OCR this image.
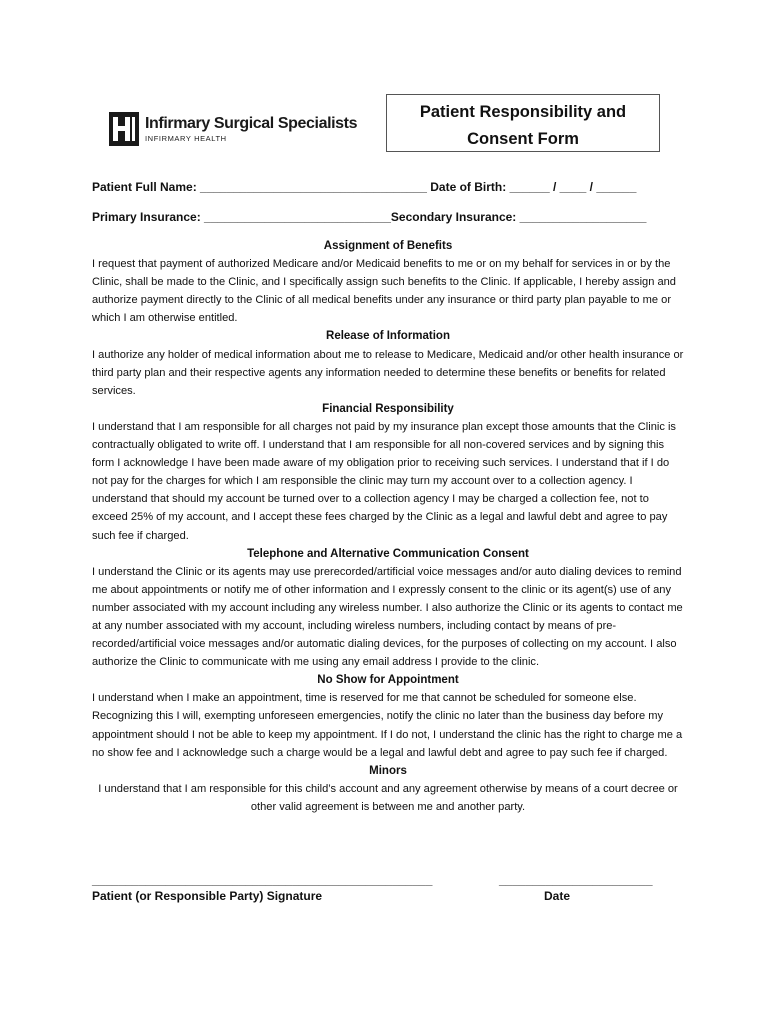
Infirmary Surgical Specialists
INFIRMARY HEALTH
Patient Responsibility and
Consent Form
Patient Full Name: __________________________________ Date of Birth: ______ / ____ / ______
Primary Insurance: ____________________________Secondary Insurance: ___________________
Assignment of Benefits

I request that payment of authorized Medicare and/or Medicaid benefits to me or on my behalf for services in or by the Clinic, shall be made to the Clinic, and I specifically assign such benefits to the Clinic. If applicable, I hereby assign and authorize payment directly to the Clinic of all medical benefits under any insurance or third party plan payable to me or which I am otherwise entitled.

Release of Information

I authorize any holder of medical information about me to release to Medicare, Medicaid and/or other health insurance or third party plan and their respective agents any information needed to determine these benefits or benefits for related services.

Financial Responsibility

I understand that I am responsible for all charges not paid by my insurance plan except those amounts that the Clinic is contractually obligated to write off. I understand that I am responsible for all non-covered services and by signing this form I acknowledge I have been made aware of my obligation prior to receiving such services. I understand that if I do not pay for the charges for which I am responsible the clinic may turn my account over to a collection agency. I understand that should my account be turned over to a collection agency I may be charged a collection fee, not to exceed 25% of my account, and I accept these fees charged by the Clinic as a legal and lawful debt and agree to pay such fee if charged.

Telephone and Alternative Communication Consent

I understand the Clinic or its agents may use prerecorded/artificial voice messages and/or auto dialing devices to remind me about appointments or notify me of other information and I expressly consent to the clinic or its agent(s) use of any number associated with my account including any wireless number. I also authorize the Clinic or its agents to contact me at any number associated with my account, including wireless numbers, including contact by means of pre-recorded/artificial voice messages and/or automatic dialing devices, for the purposes of collecting on my account. I also authorize the Clinic to communicate with me using any email address I provide to the clinic.

No Show for Appointment

I understand when I make an appointment, time is reserved for me that cannot be scheduled for someone else. Recognizing this I will, exempting unforeseen emergencies, notify the clinic no later than the business day before my appointment should I not be able to keep my appointment. If I do not, I understand the clinic has the right to charge me a no show fee and I acknowledge such a charge would be a legal and lawful debt and agree to pay such fee if charged.

Minors

I understand that I am responsible for this child’s account and any agreement otherwise by means of a court decree or other valid agreement is between me and another party.

___________________________________________________	_______________________
Patient (or Responsible Party) Signature	Date
